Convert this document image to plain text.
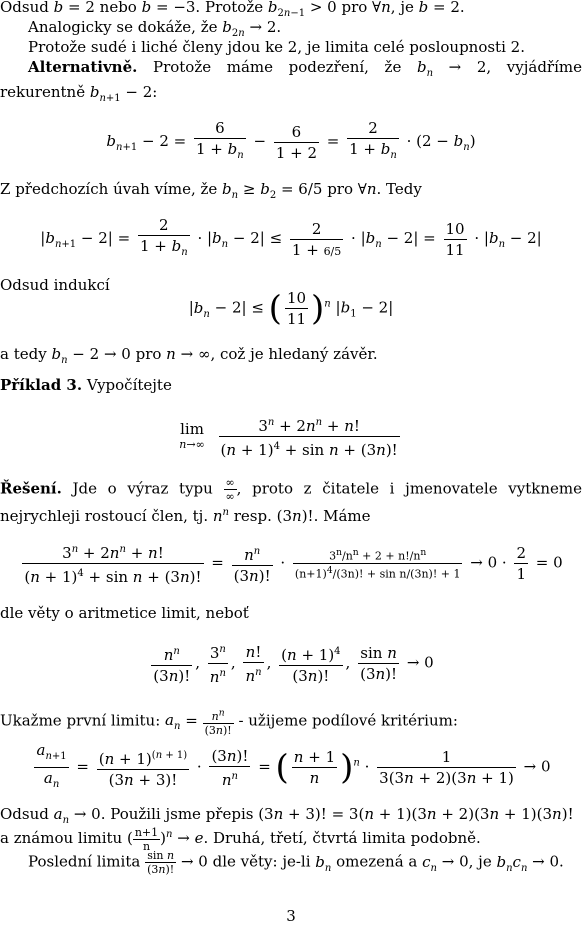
Odsud b = 2 nebo b = −3. Protože $b_{2n-1} > 0$ pro ∀n, je b = 2.
Analogicky se dokáže, že $b_{2n} \to 2$.
Protože sudé i liché členy jdou ke 2, je limita celé posloupnosti 2.
Alternativně. Protože máme podezření, že $b_n \to 2$, vyjádříme rekurentně $b_{n+1} - 2$:
$b_{n+1} - 2 = \frac{6}{1 + b_n} - \frac{6}{1 + 2} = \frac{2}{1 + b_n} \cdot (2 - b_n)$
Z předchozích úvah víme, že $b_n \ge b_2 = 6/5$ pro ∀n. Tedy
$|b_{n+1} - 2| = \frac{2}{1 + b_n} \cdot |b_n - 2| \le \frac{2}{1 + 6/5} \cdot |b_n - 2| = \frac{10}{11} \cdot |b_n - 2|$
Odsud indukcí
$|b_n - 2|$ ≤ ( $\frac{10}{11} )^n$ $|b_1 - 2|$
a tedy $b_n - 2 \to 0$ pro n → ∞, což je hledaný závěr.
Příklad 3. Vypočítejte
lim
n→∞
$\frac{3^n + 2n^n + n!}{(n + 1)^4 + \sin n + (3n)!}$
Řešení. Jde o výraz typu $\frac{\infty}{\infty}$ , proto z čitatele i jmenovatele vytkneme nejrychleji rostoucí člen, tj. $n^n$ resp. (3n)!. Máme
$\frac{3^n + 2n^n + n!}{(n + 1)^4 + \sin n + (3n)!} = \frac{n^n}{(3n)!} \cdot \frac{3^n/n^n + 2 + n!/n^n}{(n+1)^4/(3n)! + \sin n/(3n)! + 1} \to 0 \cdot \frac{2}{1} = 0$
dle věty o aritmetice limit, neboť
$\frac{n^n}{(3n)!}$ , $\frac{3^n}{n^n}$ , $\frac{n!}{n^n}$ , $\frac{(n + 1)^4}{(3n)!}$ , $\frac{\text{sin n}}{(3n)!} \to 0$
Ukažme první limitu: $a_n = \frac{n^n}{(3n)!}$ - užijeme podílové kritérium:
$\frac{a_{n+1}}{a_n} = \frac{(n + 1)^{(n + 1)}}{(3n + 3)!} \cdot \frac{(3n)!}{n^n}$ = ( $\frac{n + 1}{n} )^n \cdot \frac{1}{3(3n + 2)(3n + 1)} \to 0$
Odsud $a_n \to 0$. Použili jsme přepis (3n + 3)! = 3(n + 1)(3n + 2)(3n + 1)(3n)!
a známou limitu ( $\frac{n+1}{n} )^n \to e$. Druhá, třetí, čtvrtá limita podobně.
Poslední limita $\frac{\text{sin n}}{(3n)!} \to 0$ dle věty: je-li $b_n$ omezená a $c_n \to 0$, je $b_nc_n \to 0$.
3
